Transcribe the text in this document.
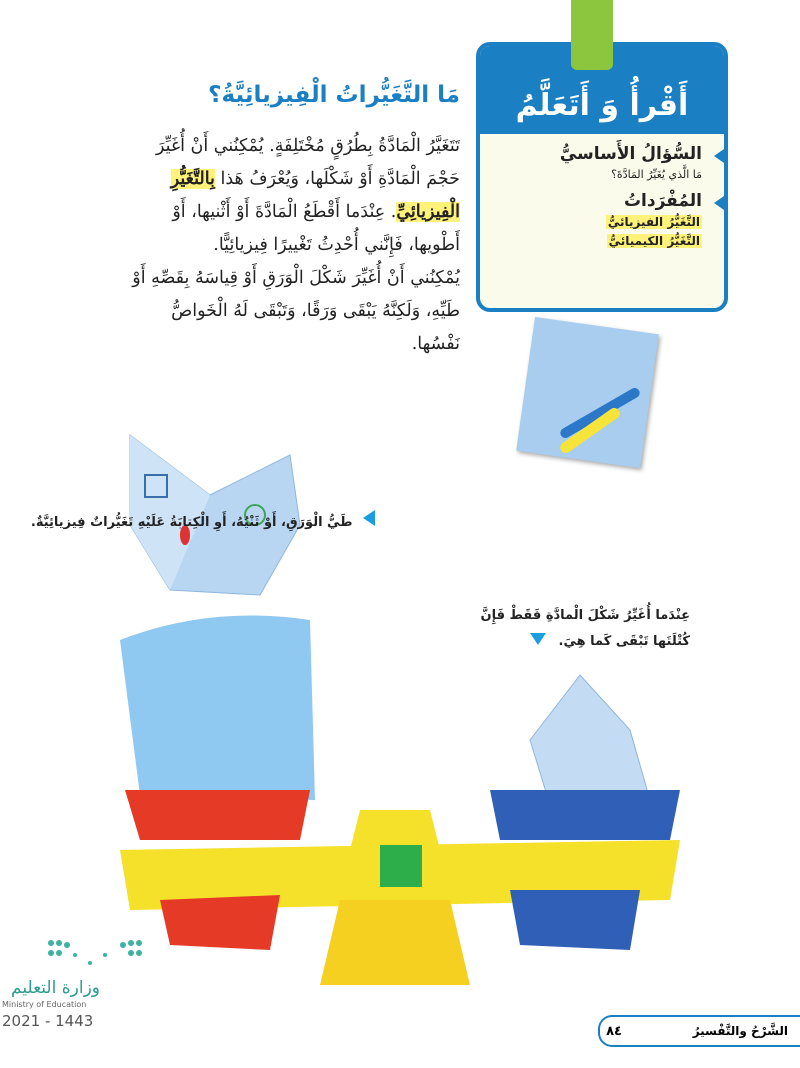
أَقْرأُ وَ أَتَعَلَّمُ
السُّؤالُ الأَساسيُّ
مَا الَّذي يُغَيِّرُ المَادَّةَ؟
المُفْرَداتُ
التَّغَيُّرُ الفيزيائيُّ
التَّغَيُّرُ الكيميائيُّ
مَا التَّغَيُّراتُ الْفِيزيائِيَّةُ؟
تَتَغَيَّرُ الْمَادَّةُ بِطُرُقٍ مُخْتَلِفَةٍ. يُمْكِنُني أَنْ أُغَيِّرَ حَجْمَ الْمَادَّةِ أَوْ شَكْلَها، وَيُعْرَفُ هَذا بِالتَّغَيُّرِ الْفِيزيائِيِّ. عِنْدَما أَقْطَعُ الْمَادَّةَ أَوْ أَثْنيها، أَوْ أَطْويها، فَإِنَّني أُحْدِثُ تَغْييرًا فِيزيائِيًّا.
يُمْكِنُني أَنْ أُغَيِّرَ شَكْلَ الْوَرَقِ أَوْ قِياسَهُ بِقَصِّهِ أَوْ طَيِّهِ، وَلَكِنَّهُ يَبْقَى وَرَقًا، وَتَبْقَى لَهُ الْخَواصُّ نَفْسُها.
طَيُّ الْوَرَقِ، أَوْ ثَنْيُهُ، أَوِ الْكِتابَةُ عَلَيْهِ تَغَيُّراتٌ فِيزيائِيَّةٌ.
عِنْدَما أُغَيِّرُ شَكْلَ الْمادَّةِ فَقَطْ فَإِنَّ
كُتْلَتَها تَبْقَى كَما هِيَ.
وزارة التعليم
Ministry of Education
2021 - 1443
٨٤	الشَّرْحُ والتَّفْسيرُ
